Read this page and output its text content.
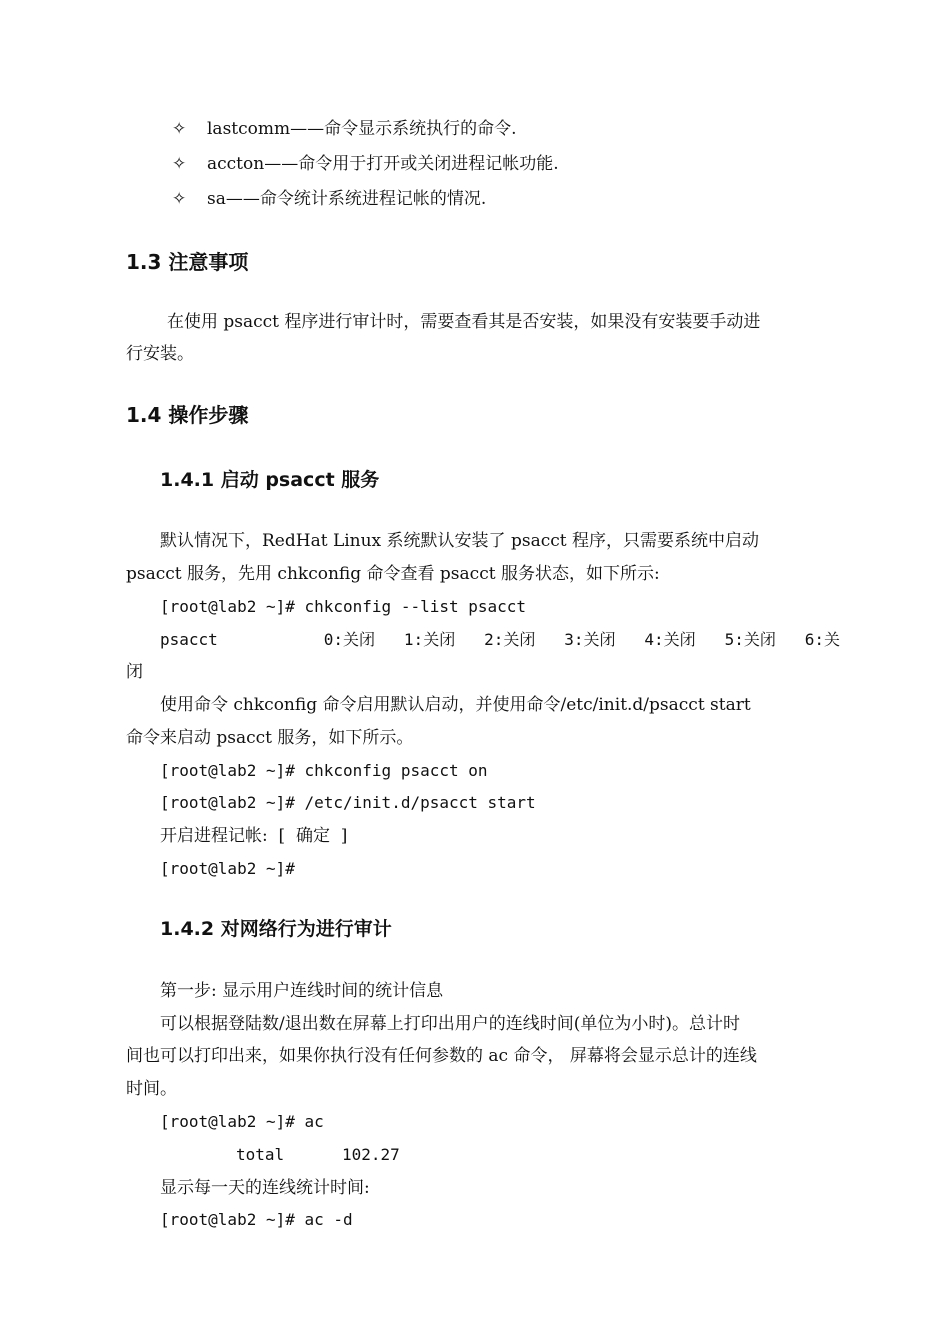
✧ lastcomm——命令显示系统执行的命令.
✧ accton——命令用于打开或关闭进程记帐功能.
✧ sa——命令统计系统进程记帐的情况.
1.3 注意事项
在使用 psacct 程序进行审计时，需要查看其是否安装，如果没有安装要手动进
行安装。
1.4 操作步骤
1.4.1 启动 psacct 服务
默认情况下，RedHat Linux 系统默认安装了 psacct 程序，只需要系统中启动
psacct 服务，先用 chkconfig 命令查看 psacct 服务状态，如下所示:
[root@lab2 ~]# chkconfig --list psacct
psacct           0:关闭   1:关闭   2:关闭   3:关闭   4:关闭   5:关闭   6:关
闭
使用命令 chkconfig 命令启用默认启动，并使用命令/etc/init.d/psacct start
命令来启动 psacct 服务，如下所示。
[root@lab2 ~]# chkconfig psacct on
[root@lab2 ~]# /etc/init.d/psacct start
开启进程记帐:  [  确定  ]
[root@lab2 ~]#
1.4.2 对网络行为进行审计
第一步: 显示用户连线时间的统计信息
可以根据登陆数/退出数在屏幕上打印出用户的连线时间(单位为小时)。总计时
间也可以打印出来，如果你执行没有任何参数的 ac 命令， 屏幕将会显示总计的连线
时间。
[root@lab2 ~]# ac
total      102.27
显示每一天的连线统计时间:
[root@lab2 ~]# ac -d
